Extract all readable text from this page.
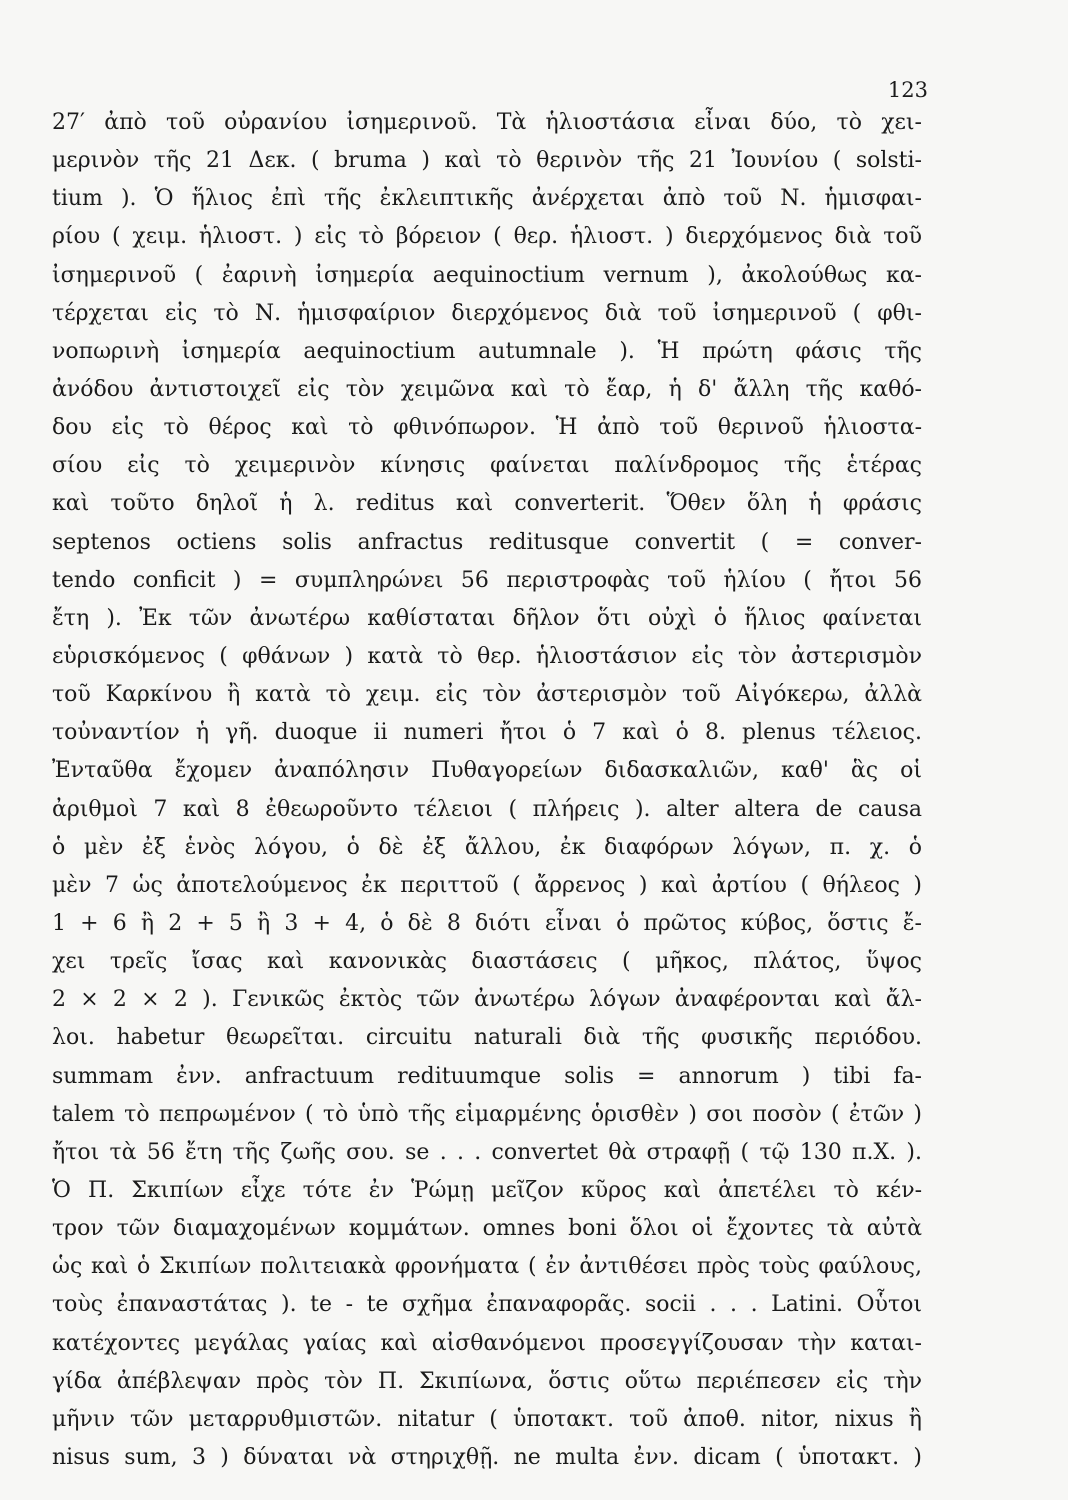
123
27′ ἀπὸ τοῦ οὐρανίου ἰσημερινοῦ. Τὰ ἡλιοστάσια εἶναι δύο, τὸ χει-
μερινὸν τῆς 21 Δεκ. ( bruma ) καὶ τὸ θερινὸν τῆς 21 Ἰουνίου ( solsti-
tium ). Ὁ ἥλιος ἐπὶ τῆς ἐκλειπτικῆς ἀνέρχεται ἀπὸ τοῦ Ν. ἡμισφαι-
ρίου ( χειμ. ἡλιοστ. ) εἰς τὸ βόρειον ( θερ. ἡλιοστ. ) διερχόμενος διὰ τοῦ
ἰσημερινοῦ ( ἐαρινὴ ἰσημερία aequinoctium vernum ), ἀκολούθως κα-
τέρχεται εἰς τὸ Ν. ἡμισφαίριον διερχόμενος διὰ τοῦ ἰσημερινοῦ ( φθι-
νοπωρινὴ ἰσημερία aequinoctium autumnale ). Ἡ πρώτη φάσις τῆς
ἀνόδου ἀντιστοιχεῖ εἰς τὸν χειμῶνα καὶ τὸ ἔαρ, ἡ δ' ἄλλη τῆς καθό-
δου εἰς τὸ θέρος καὶ τὸ φθινόπωρον. Ἡ ἀπὸ τοῦ θερινοῦ ἡλιοστα-
σίου εἰς τὸ χειμερινὸν κίνησις φαίνεται παλίνδρομος τῆς ἑτέρας
καὶ τοῦτο δηλοῖ ἡ λ. reditus καὶ converterit. Ὅθεν ὅλη ἡ φράσις
septenos octiens solis anfractus reditusque convertit ( = conver-
tendo conficit ) = συμπληρώνει 56 περιστροφὰς τοῦ ἡλίου ( ἤτοι 56
ἔτη ). Ἐκ τῶν ἀνωτέρω καθίσταται δῆλον ὅτι οὐχὶ ὁ ἥλιος φαίνεται
εὑρισκόμενος ( φθάνων ) κατὰ τὸ θερ. ἡλιοστάσιον εἰς τὸν ἀστερισμὸν
τοῦ Καρκίνου ἢ κατὰ τὸ χειμ. εἰς τὸν ἀστερισμὸν τοῦ Αἰγόκερω, ἀλλὰ
τοὐναντίον ἡ γῆ. duoque ii numeri ἤτοι ὁ 7 καὶ ὁ 8. plenus τέλειος.
Ἐνταῦθα ἔχομεν ἀναπόλησιν Πυθαγορείων διδασκαλιῶν, καθ' ἃς οἱ
ἀριθμοὶ 7 καὶ 8 ἐθεωροῦντο τέλειοι ( πλήρεις ). alter altera de causa
ὁ μὲν ἐξ ἑνὸς λόγου, ὁ δὲ ἐξ ἄλλου, ἐκ διαφόρων λόγων, π. χ. ὁ
μὲν 7 ὡς ἀποτελούμενος ἐκ περιττοῦ ( ἄρρενος ) καὶ ἀρτίου ( θήλεος )
1 + 6 ἢ 2 + 5 ἢ 3 + 4, ὁ δὲ 8 διότι εἶναι ὁ πρῶτος κύβος, ὅστις ἔ-
χει τρεῖς ἴσας καὶ κανονικὰς διαστάσεις ( μῆκος, πλάτος, ὕψος
2 × 2 × 2 ). Γενικῶς ἐκτὸς τῶν ἀνωτέρω λόγων ἀναφέρονται καὶ ἄλ-
λοι. habetur θεωρεῖται. circuitu naturali διὰ τῆς φυσικῆς περιόδου.
summam ἐνν. anfractuum redituumque solis = annorum ) tibi fa-
talem τὸ πεπρωμένον ( τὸ ὑπὸ τῆς εἱμαρμένης ὁρισθὲν ) σοι ποσὸν ( ἐτῶν )
ἤτοι τὰ 56 ἔτη τῆς ζωῆς σου. se . . . convertet θὰ στραφῇ ( τῷ 130 π.Χ. ).
Ὁ Π. Σκιπίων εἶχε τότε ἐν Ῥώμῃ μεῖζον κῦρος καὶ ἀπετέλει τὸ κέν-
τρον τῶν διαμαχομένων κομμάτων. omnes boni ὅλοι οἱ ἔχοντες τὰ αὐτὰ
ὡς καὶ ὁ Σκιπίων πολιτειακὰ φρονήματα ( ἐν ἀντιθέσει πρὸς τοὺς φαύλους,
τοὺς ἐπαναστάτας ). te - te σχῆμα ἐπαναφορᾶς. socii . . . Latini. Οὗτοι
κατέχοντες μεγάλας γαίας καὶ αἰσθανόμενοι προσεγγίζουσαν τὴν καται-
γίδα ἀπέβλεψαν πρὸς τὸν Π. Σκιπίωνα, ὅστις οὕτω περιέπεσεν εἰς τὴν
μῆνιν τῶν μεταρρυθμιστῶν. nitatur ( ὑποτακτ. τοῦ ἀποθ. nitor, nixus ἢ
nisus sum, 3 ) δύναται νὰ στηριχθῇ. ne multa ἐνν. dicam ( ὑποτακτ. )
